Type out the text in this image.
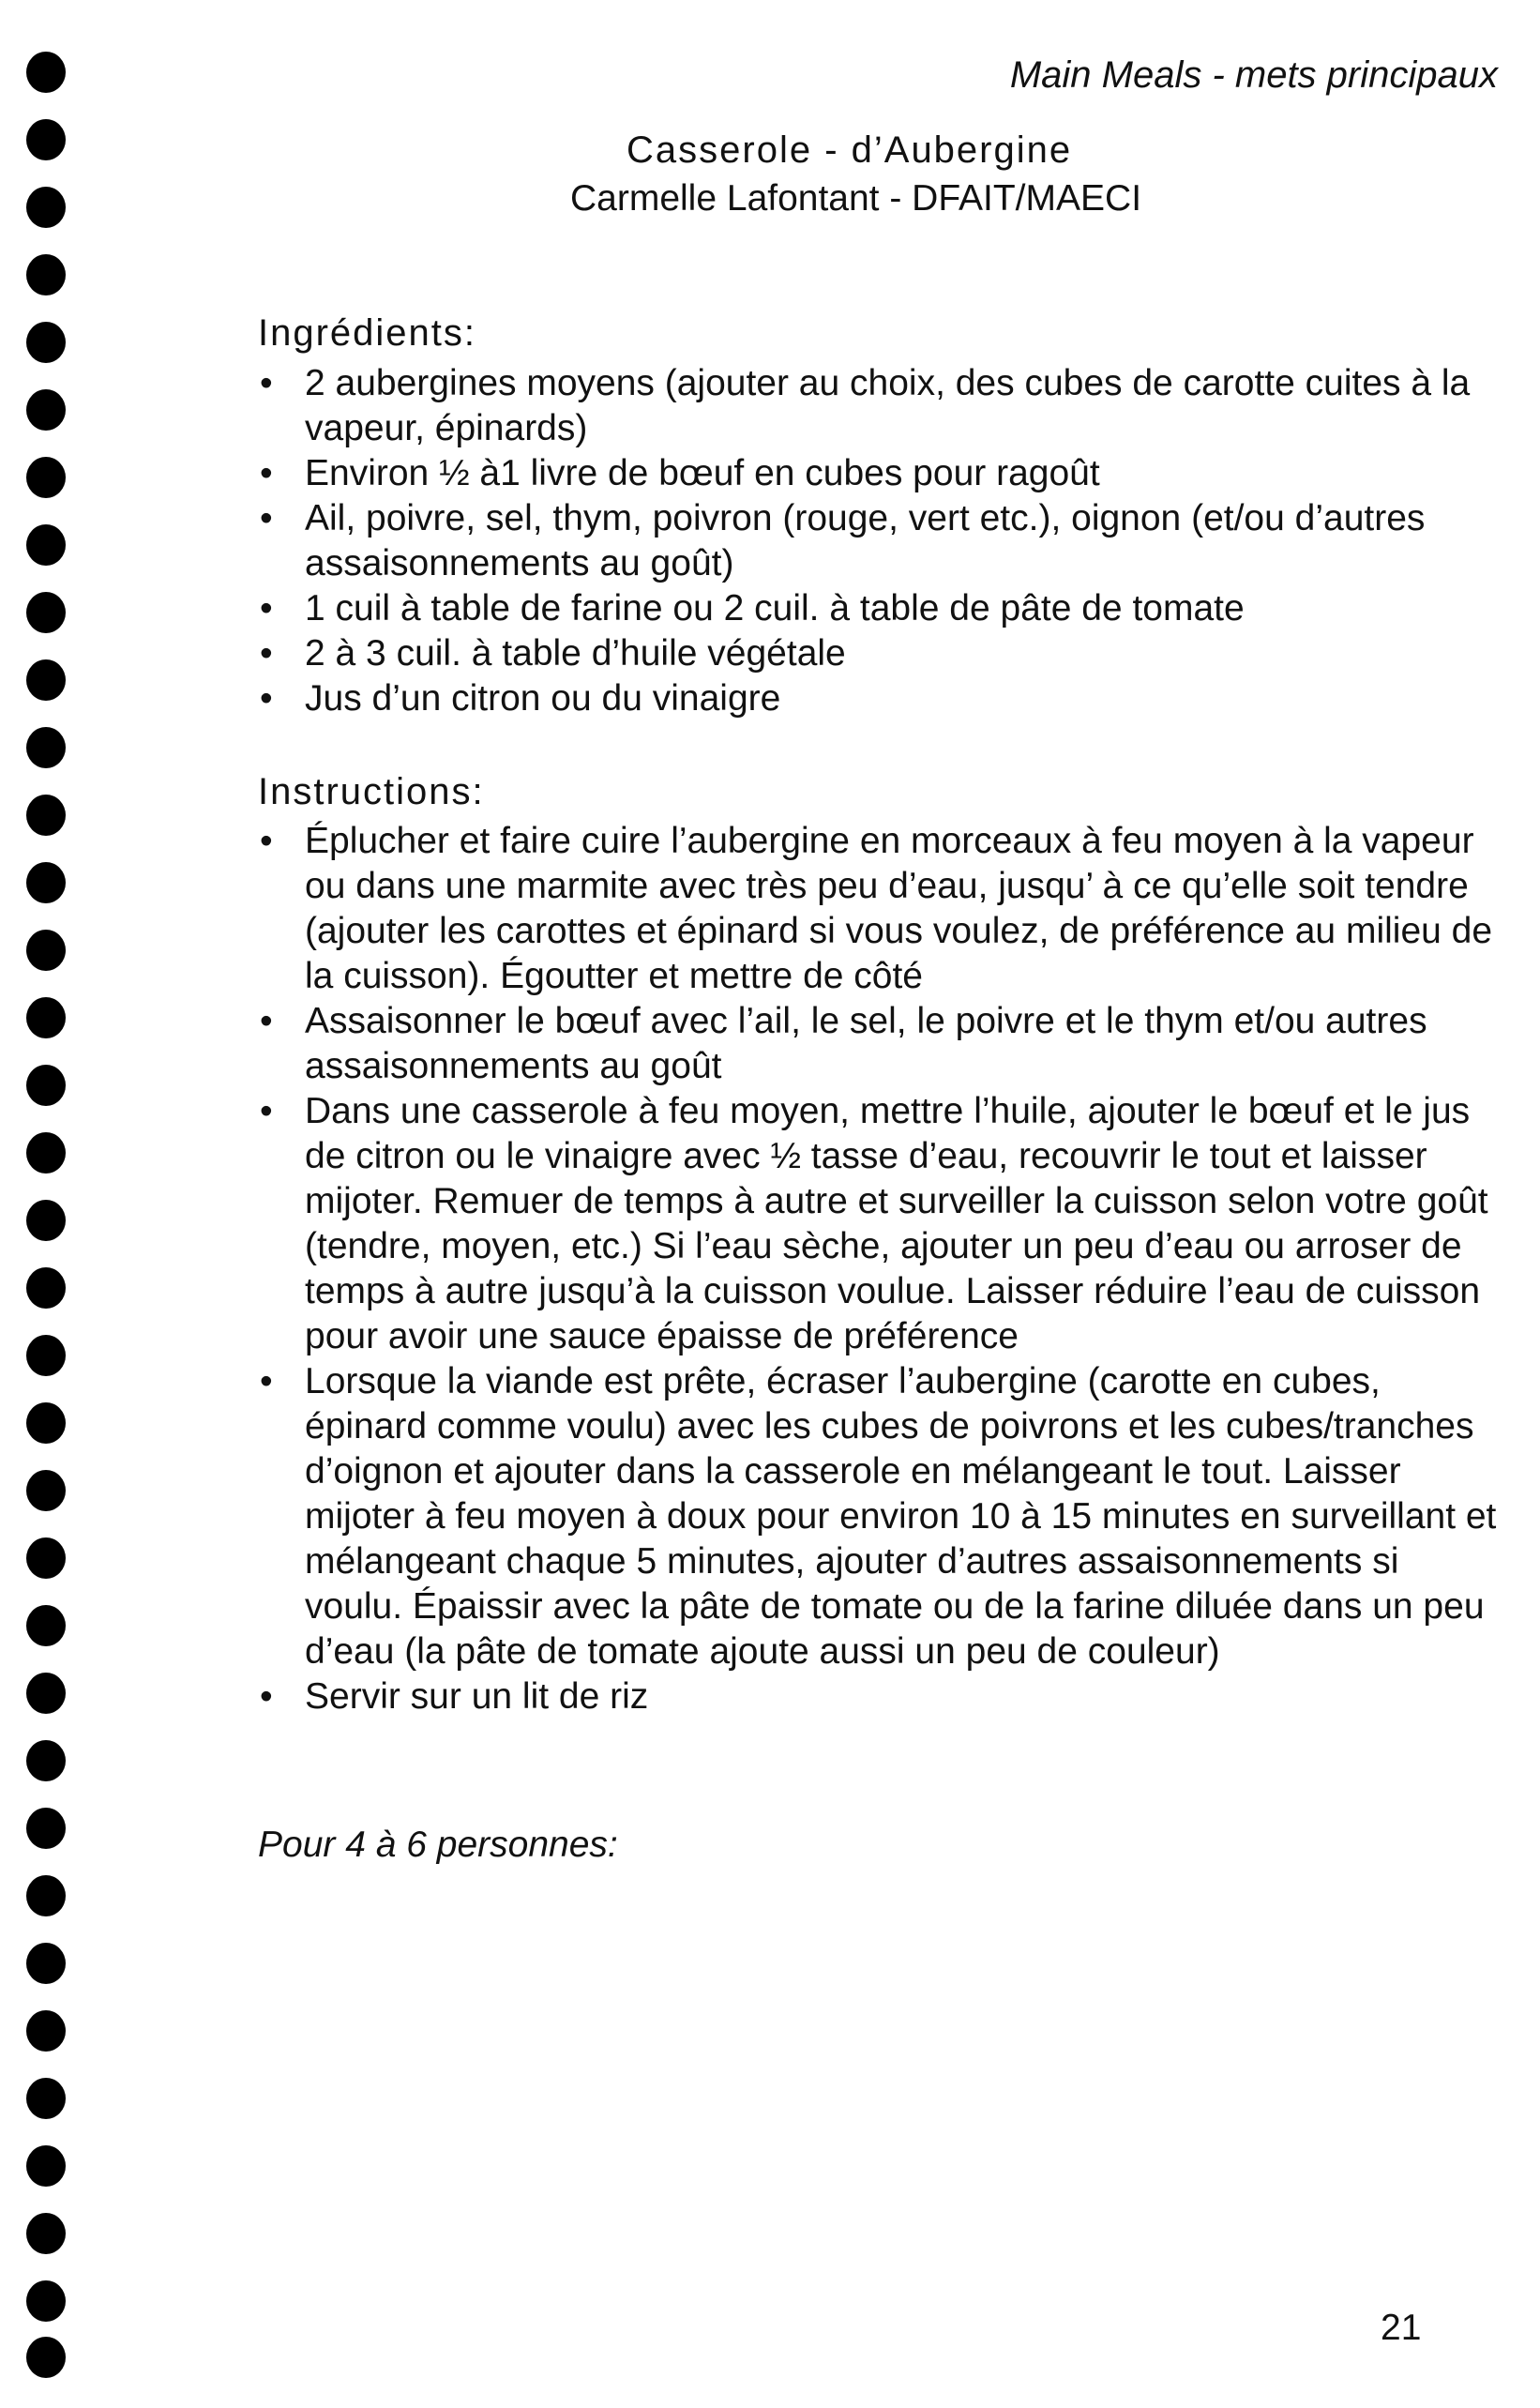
Main Meals - mets principaux
Casserole - d’Aubergine
Carmelle Lafontant - DFAIT/MAECI
Ingrédients:
• 2 aubergines moyens (ajouter au choix, des cubes de carotte cuites à la vapeur, épinards)
• Environ ½ à1 livre de bœuf en cubes pour ragoût
• Ail, poivre, sel, thym, poivron (rouge, vert etc.), oignon (et/ou d’autres assaisonnements au goût)
• 1 cuil à table de farine ou 2 cuil. à table de pâte de tomate
• 2 à 3 cuil. à table d’huile végétale
• Jus d’un citron ou du vinaigre
Instructions:
• Éplucher et faire cuire l’aubergine en morceaux à feu moyen à la vapeur ou dans une marmite avec très peu d’eau, jusqu’ à ce qu’elle soit tendre (ajouter les carottes et épinard si vous voulez, de préférence au milieu de la cuisson). Égoutter et mettre de côté
• Assaisonner le bœuf avec l’ail, le sel, le poivre et le thym et/ou autres assaisonnements au goût
• Dans une casserole à feu moyen, mettre l’huile, ajouter le bœuf et le jus de citron ou le vinaigre avec ½ tasse d’eau, recouvrir le tout et laisser mijoter. Remuer de temps à autre et surveiller la cuisson selon votre goût (tendre, moyen, etc.) Si l’eau sèche, ajouter un peu d’eau ou arroser de temps à autre jusqu’à la cuisson voulue. Laisser réduire l’eau de cuisson pour avoir une sauce épaisse de préférence
• Lorsque la viande est prête, écraser l’aubergine (carotte en cubes, épinard comme voulu) avec les cubes de poivrons et les cubes/tranches d’oignon et ajouter dans la casserole en mélangeant le tout. Laisser mijoter à feu moyen à doux pour environ 10 à 15 minutes en surveillant et mélangeant chaque 5 minutes, ajouter d’autres assaisonnements si voulu. Épaissir avec la pâte de tomate ou de la farine diluée dans un peu d’eau (la pâte de tomate ajoute aussi un peu de couleur)
• Servir sur un lit de riz
Pour 4 à 6 personnes:
21
